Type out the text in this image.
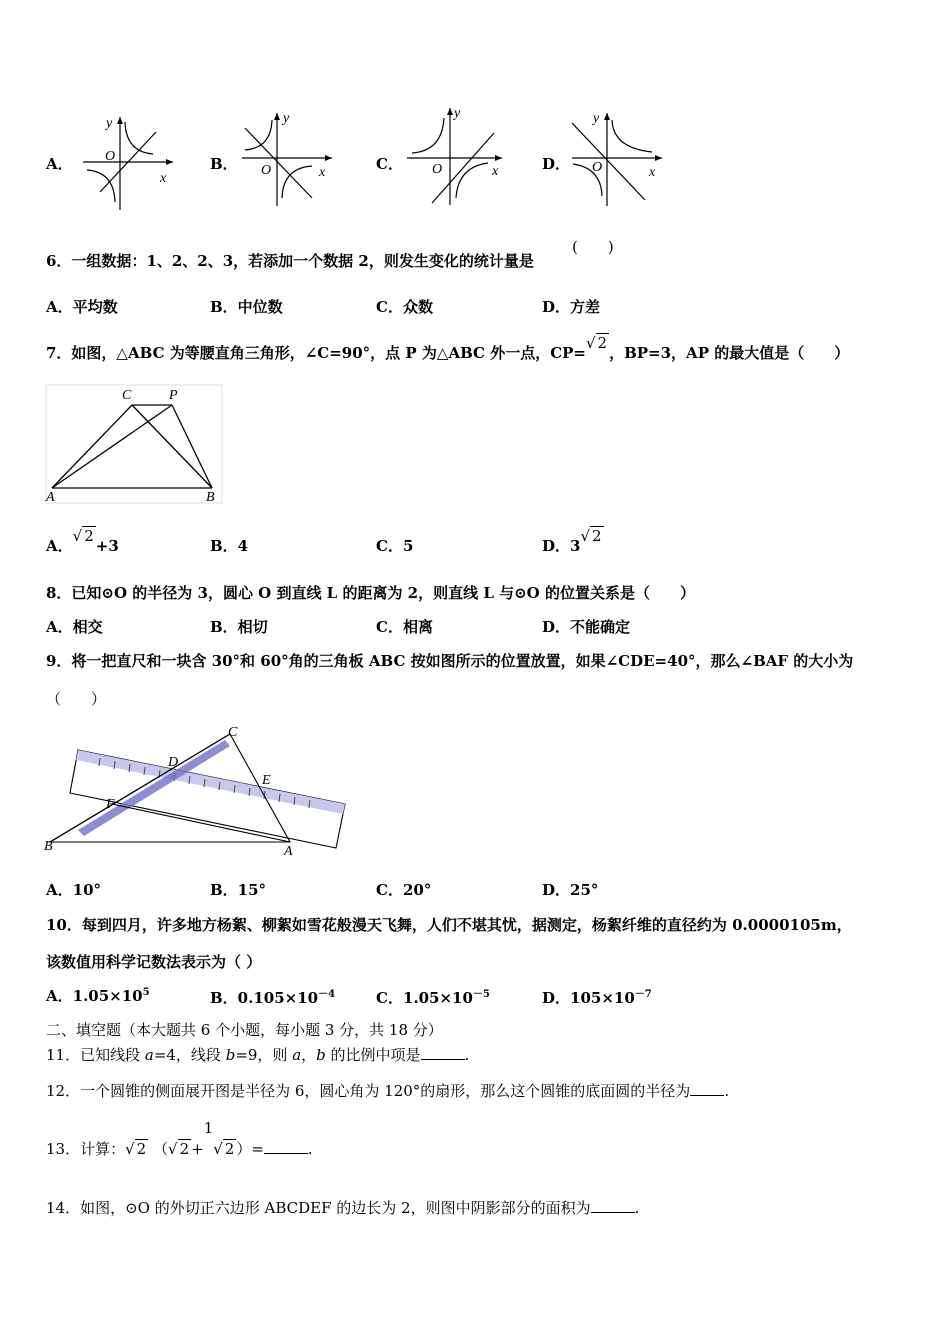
A．
y
O
x
B．
y
O	x	C．
y
O	x	D．
y
O	x
6．一组数据：1、2、2、3，若添加一个数据 2，则发生变化的统计量是
(　　)
A．平均数	B．中位数	C．众数	D．方差
7．如图，△ABC 为等腰直角三角形，∠C=90°，点 P 为△ABC 外一点，CP=√ 2，BP=3，AP 的最大值是（　　）
C	P
A	B
A．√ 2+3	B．4	C．5	D．3√ 2
8．已知⊙O 的半径为 3，圆心 O 到直线 L 的距离为 2，则直线 L 与⊙O 的位置关系是（　　）
A．相交	B．相切	C．相离	D．不能确定
9．将一把直尺和一块含 30°和 60°角的三角板 ABC 按如图所示的位置放置，如果∠CDE=40°，那么∠BAF 的大小为
（　　）
C
D
E
F
B	A
A．10°	B．15°	C．20°	D．25°
10．每到四月，许多地方杨絮、柳絮如雪花般漫天飞舞，人们不堪其忧，据测定，杨絮纤维的直径约为 0.0000105m，
该数值用科学记数法表示为（ ）
A．$1.05\times 10^5$	B．$0.105\times 10^{-4}$	C．$1.05\times 10^{-5}$	D．$105\times 10^{-7}$
二、填空题（本大题共 6 个小题，每小题 3 分，共 18 分）
11．已知线段 a=4，线段 b=9，则 a，b 的比例中项是	.
12．一个圆锥的侧面展开图是半径为 6，圆心角为 120°的扇形，那么这个圆锥的底面圆的半径为 .
13．计算：√ 2 （√ 2 +
1
√ 2 ）=	.
14．如图，⊙O 的外切正六边形 ABCDEF 的边长为 2，则图中阴影部分的面积为	.
